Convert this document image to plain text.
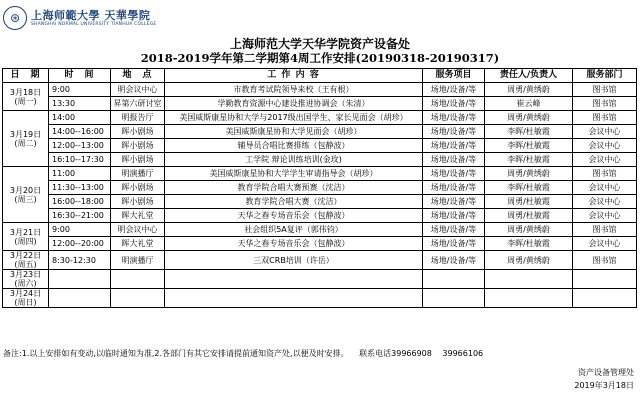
⊛ 上海师範大學 天華學院
SHANGHAI NORMAL UNIVERSITY TIANHUA COLLEGE
上海师范大学天华学院资产设备处
2018-2019学年第二学期第4周工作安排(20190318-20190317)
日　期	时　间	地　点	工 作 内 容	服务项目	责任人/负责人	服务部门

3月18日
(周一)	9:00	明会议中心	市教育考试院领导来校（王有根）	场地/设备/等	周勇/黄绣蔚	图书馆
	13:30	昇第六研讨室	学勤教育资源中心建设推进协调会（朱清）	场地/设备/等	崔云峰	图书馆

3月19日
(周二)	14:00	明报告厅	美国威斯康星协和大学与2017级出国学生、家长见面会（胡珍）	场地/设备/等	周勇/黄绣蔚	图书馆
	14:00--16:00	晖小剧场	美国威斯康星协和大学见面会（胡珍）	场地/设备/等	李晖/杜敏霞	会议中心
	12:00--13:00	晖小剧场	辅导员合唱比赛排练（包静波）	场地/设备/等	李晖/杜敏霞	会议中心
	16:10--17:30	晖小剧场	工学院 辩论训练培训(金玫)	场地/设备/等	李晖/杜敏霞	会议中心

3月20日
(周三)	11:00	明演播厅	美国威斯康星协和大学学生审请指导会（胡珍）	场地/设备/等	周勇/黄绣蔚	图书馆
	11:30--13:00	晖小剧场	教育学院合唱大赛预赛（沈洁）	场地/设备/等	李晖/杜敏霞	会议中心
	16:00--18:00	晖小剧场	教育学院合唱大赛（沈洁）	场地/设备/等	周勇/杜敏霞	会议中心
	16:30--21:00	晖大礼堂	天华之春专场音乐会（包静波）	场地/设备/等	周勇/杜敏霞	会议中心

3月21日
(周四)	9:00	明会议中心	社会组织5A复评（郭伟钧）	场地/设备/等	周勇/黄绣蔚	图书馆
	12:00--20:00	晖大礼堂	天华之春专场音乐会（包静波）	场地/设备/等	李晖/杜敏霞	会议中心

3月22日
(周五)	8:30-12:30	明演播厅	三双CRB培训（许岳）	场地/设备/等	周勇/黄绣蔚	图书馆

3月23日
(周六)						

3月24日
(周日)						

备注:1.以上安排如有变动,以临时通知为准,2.各部门有其它安排请提前通知资产处,以便及时安排。 联系电话39966908 39966106
资产设备管理处
2019年3月18日
